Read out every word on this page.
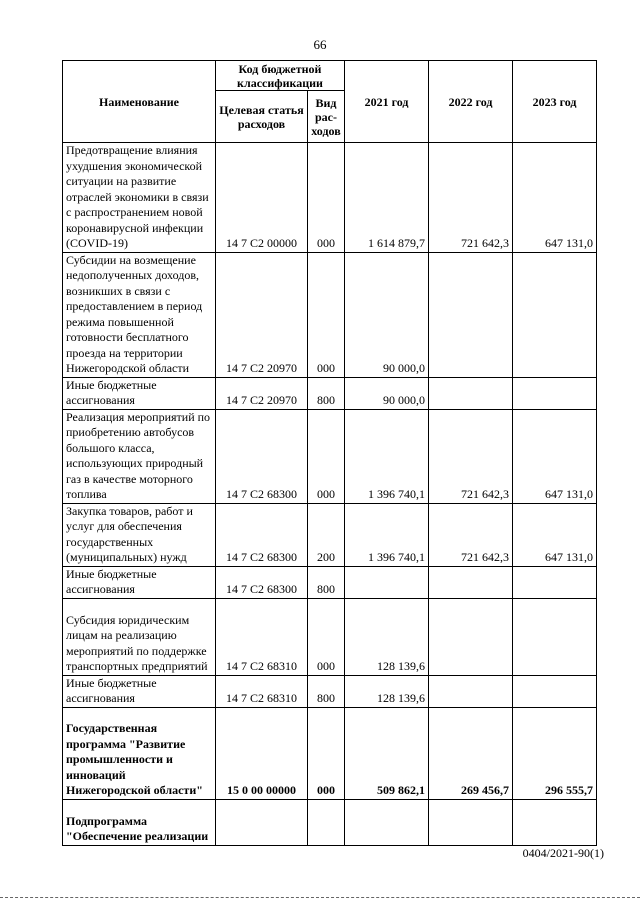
66
Наименование	Код бюджетной классификации		2021 год	2022 год	2023 год
	Целевая статья расходов	Вид рас-ходов			
Предотвращение влияния ухудшения экономической ситуации на развитие отраслей экономики в связи с распространением новой коронавирусной инфекции (COVID-19)	14 7 С2 00000	000	1 614 879,7	721 642,3	647 131,0
Субсидии на возмещение недополученных доходов, возникших в связи с предоставлением в период режима повышенной готовности бесплатного проезда на территории Нижегородской области	14 7 С2 20970	000	90 000,0		
Иные бюджетные ассигнования	14 7 С2 20970	800	90 000,0		
Реализация мероприятий по приобретению автобусов большого класса, использующих природный газ в качестве моторного топлива	14 7 С2 68300	000	1 396 740,1	721 642,3	647 131,0
Закупка товаров, работ и услуг для обеспечения государственных (муниципальных) нужд	14 7 С2 68300	200	1 396 740,1	721 642,3	647 131,0
Иные бюджетные ассигнования	14 7 С2 68300	800			
Субсидия юридическим лицам на реализацию мероприятий по поддержке транспортных предприятий	14 7 С2 68310	000	128 139,6		
Иные бюджетные ассигнования	14 7 С2 68310	800	128 139,6		
Государственная программа "Развитие промышленности и инноваций Нижегородской области"	15 0 00 00000	000	509 862,1	269 456,7	296 555,7
Подпрограмма "Обеспечение реализации					
0404/2021-90(1)
